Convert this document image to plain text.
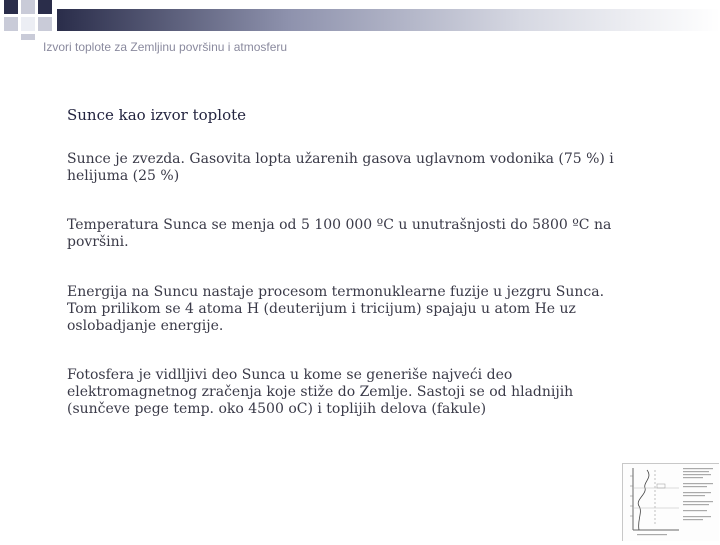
Izvori toplote za Zemljinu površinu i atmosferu
Sunce kao izvor toplote

Sunce je zvezda. Gasovita lopta užarenih gasova uglavnom vodonika (75 %) i helijuma (25 %)

Temperatura Sunca se menja od 5 100 000 ºC u unutrašnjosti do 5800 ºC na površini.

Energija na Suncu nastaje procesom termonuklearne fuzije u jezgru Sunca. Tom prilikom se 4 atoma H (deuterijum i tricijum) spajaju u atom He uz oslobadjanje energije.

Fotosfera je vidlljivi deo Sunca u kome se generiše najveći deo elektromagnetnog zračenja koje stiže do Zemlje. Sastoji se od hladnijih (sunčeve pege temp. oko 4500 oC) i toplijih delova (fakule)
